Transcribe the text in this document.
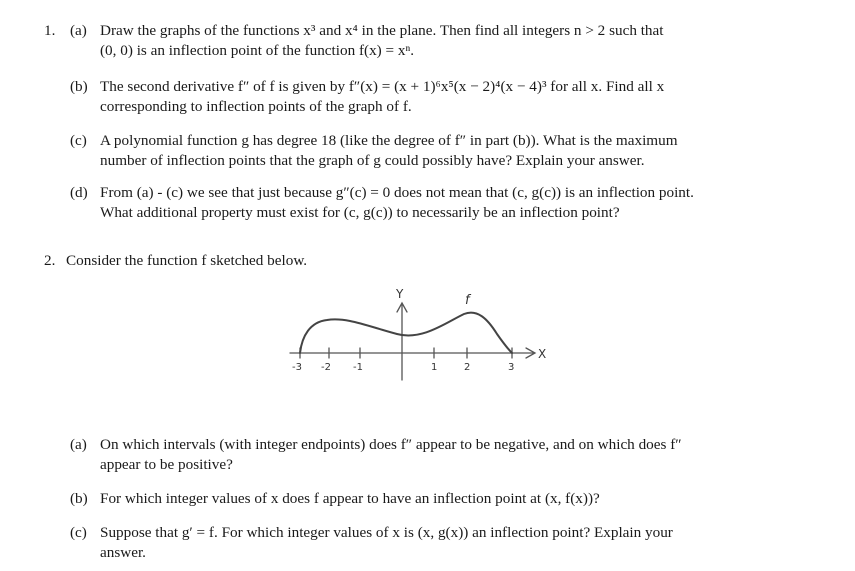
1. (a) Draw the graphs of the functions x³ and x⁴ in the plane. Then find all integers n > 2 such that
(0, 0) is an inflection point of the function f(x) = xⁿ.
(b) The second derivative f″ of f is given by f″(x) = (x + 1)⁶x⁵(x − 2)⁴(x − 4)³ for all x. Find all x
corresponding to inflection points of the graph of f.
(c) A polynomial function g has degree 18 (like the degree of f″ in part (b)). What is the maximum
number of inflection points that the graph of g could possibly have? Explain your answer.
(d) From (a) - (c) we see that just because g″(c) = 0 does not mean that (c, g(c)) is an inflection point.
What additional property must exist for (c, g(c)) to necessarily be an inflection point?
2. Consider the function f sketched below.
Y
X
f
-3 -2 -1	1	2	3
(a) On which intervals (with integer endpoints) does f″ appear to be negative, and on which does f″
appear to be positive?
(b) For which integer values of x does f appear to have an inflection point at (x, f(x))?
(c) Suppose that g′ = f. For which integer values of x is (x, g(x)) an inflection point? Explain your
answer.
